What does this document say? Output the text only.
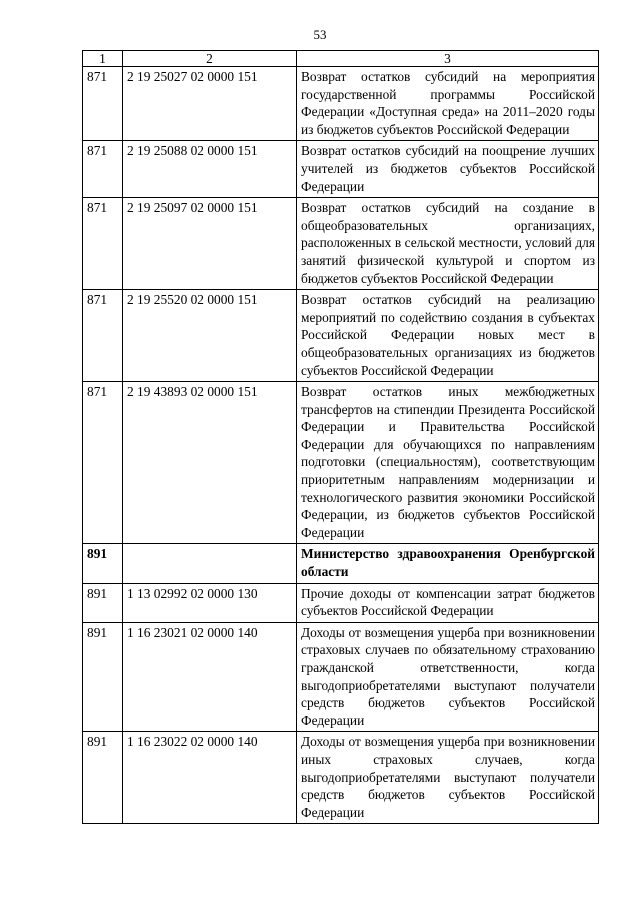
53
1	2	3
871	2 19 25027 02 0000 151	Возврат остатков субсидий на мероприятия государственной программы Российской Федерации «Доступная среда» на 2011–2020 годы из бюджетов субъектов Российской Федерации
871	2 19 25088 02 0000 151	Возврат остатков субсидий на поощрение лучших учителей из бюджетов субъектов Российской Федерации
871	2 19 25097 02 0000 151	Возврат остатков субсидий на создание в общеобразовательных организациях, расположенных в сельской местности, условий для занятий физической культурой и спортом из бюджетов субъектов Российской Федерации
871	2 19 25520 02 0000 151	Возврат остатков субсидий на реализацию мероприятий по содействию создания в субъектах Российской Федерации новых мест в общеобразовательных организациях из бюджетов субъектов Российской Федерации
871	2 19 43893 02 0000 151	Возврат остатков иных межбюджетных трансфертов на стипендии Президента Российской Федерации и Правительства Российской Федерации для обучающихся по направлениям подготовки (специальностям), соответствующим приоритетным направлениям модернизации и технологического развития экономики Российской Федерации, из бюджетов субъектов Российской Федерации
891		Министерство здравоохранения Оренбургской области
891	1 13 02992 02 0000 130	Прочие доходы от компенсации затрат бюджетов субъектов Российской Федерации
891	1 16 23021 02 0000 140	Доходы от возмещения ущерба при возникновении страховых случаев по обязательному страхованию гражданской ответственности, когда выгодоприобретателями выступают получатели средств бюджетов субъектов Российской Федерации
891	1 16 23022 02 0000 140	Доходы от возмещения ущерба при возникновении иных страховых случаев, когда выгодоприобретателями выступают получатели средств бюджетов субъектов Российской Федерации
